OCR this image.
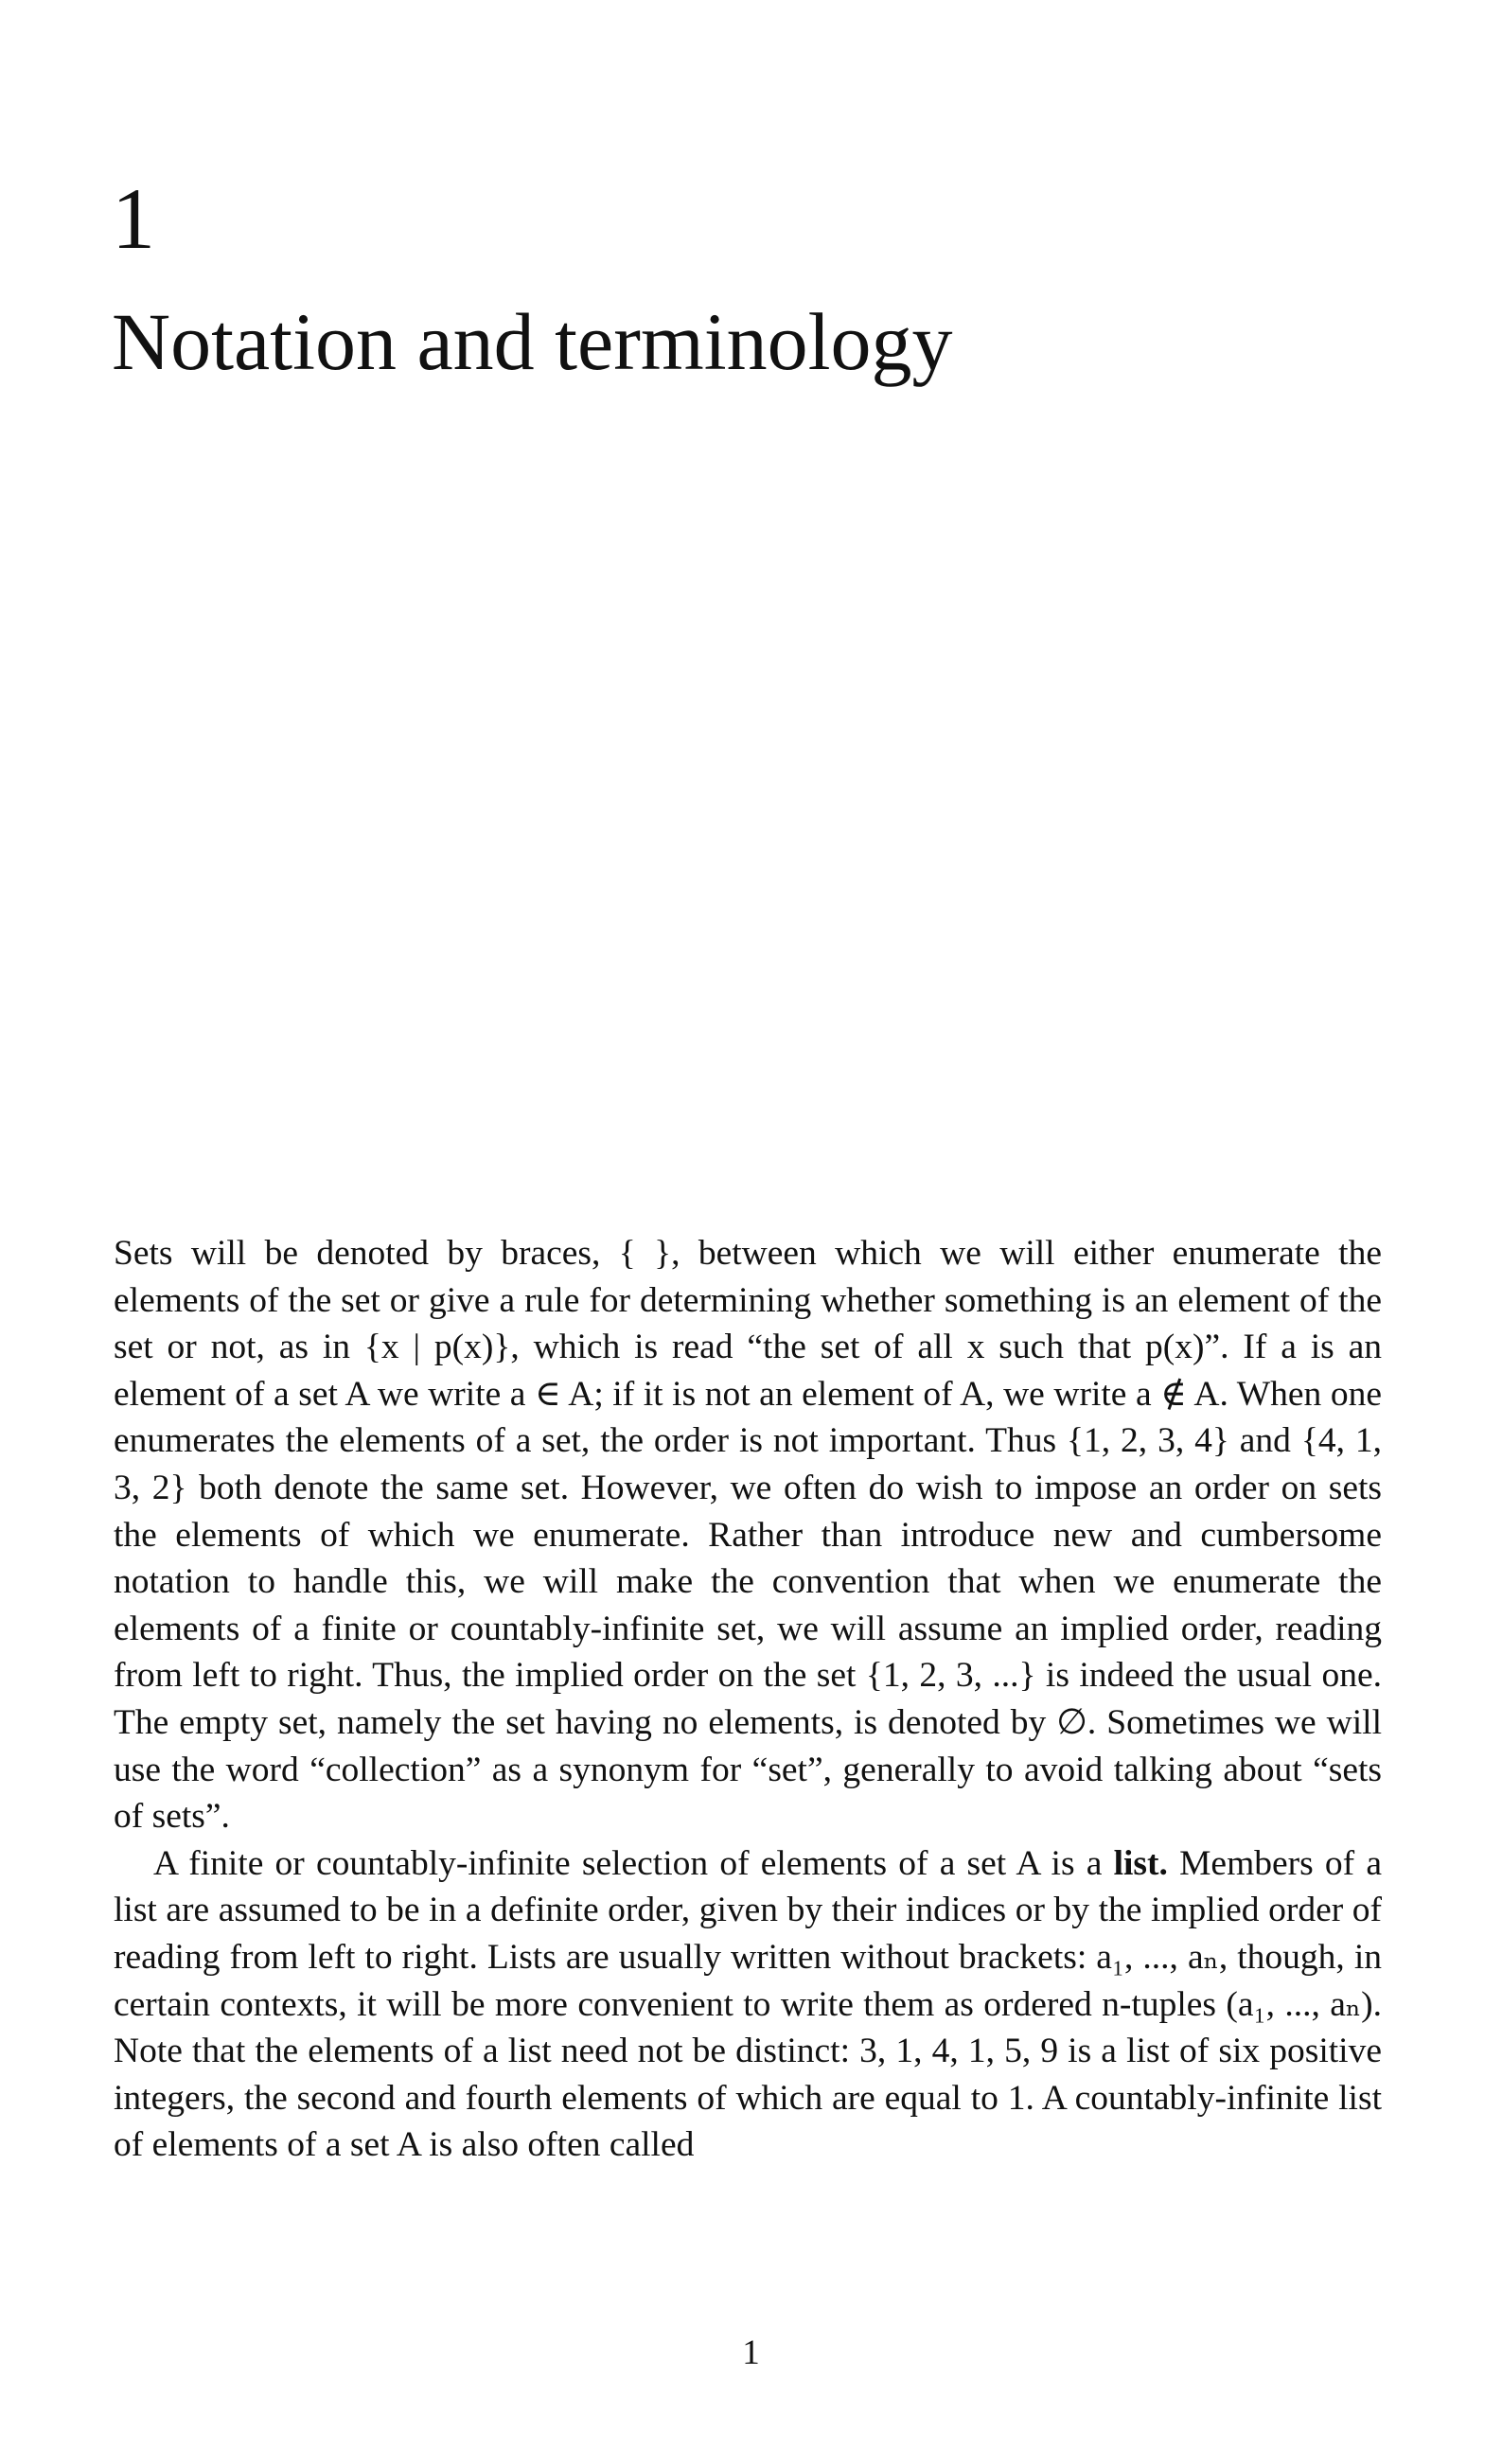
1
Notation and terminology

Sets will be denoted by braces, { }, between which we will either enumerate the elements of the set or give a rule for determining whether something is an element of the set or not, as in {x | p(x)}, which is read “the set of all x such that p(x)”. If a is an element of a set A we write a ∈ A; if it is not an element of A, we write a ∉ A. When one enumerates the elements of a set, the order is not important. Thus {1, 2, 3, 4} and {4, 1, 3, 2} both denote the same set. However, we often do wish to impose an order on sets the elements of which we enumerate. Rather than introduce new and cumbersome notation to handle this, we will make the convention that when we enumerate the elements of a finite or countably-infinite set, we will assume an implied order, reading from left to right. Thus, the implied order on the set {1, 2, 3, ...} is indeed the usual one. The empty set, namely the set having no elements, is denoted by ∅. Sometimes we will use the word “collection” as a synonym for “set”, generally to avoid talking about “sets of sets”.

A finite or countably-infinite selection of elements of a set A is a list. Members of a list are assumed to be in a definite order, given by their indices or by the implied order of reading from left to right. Lists are usually written without brackets: a₁, ..., aₙ, though, in certain contexts, it will be more convenient to write them as ordered n-tuples (a₁, ..., aₙ). Note that the elements of a list need not be distinct: 3, 1, 4, 1, 5, 9 is a list of six positive integers, the second and fourth elements of which are equal to 1. A countably-infinite list of elements of a set A is also often called

1
